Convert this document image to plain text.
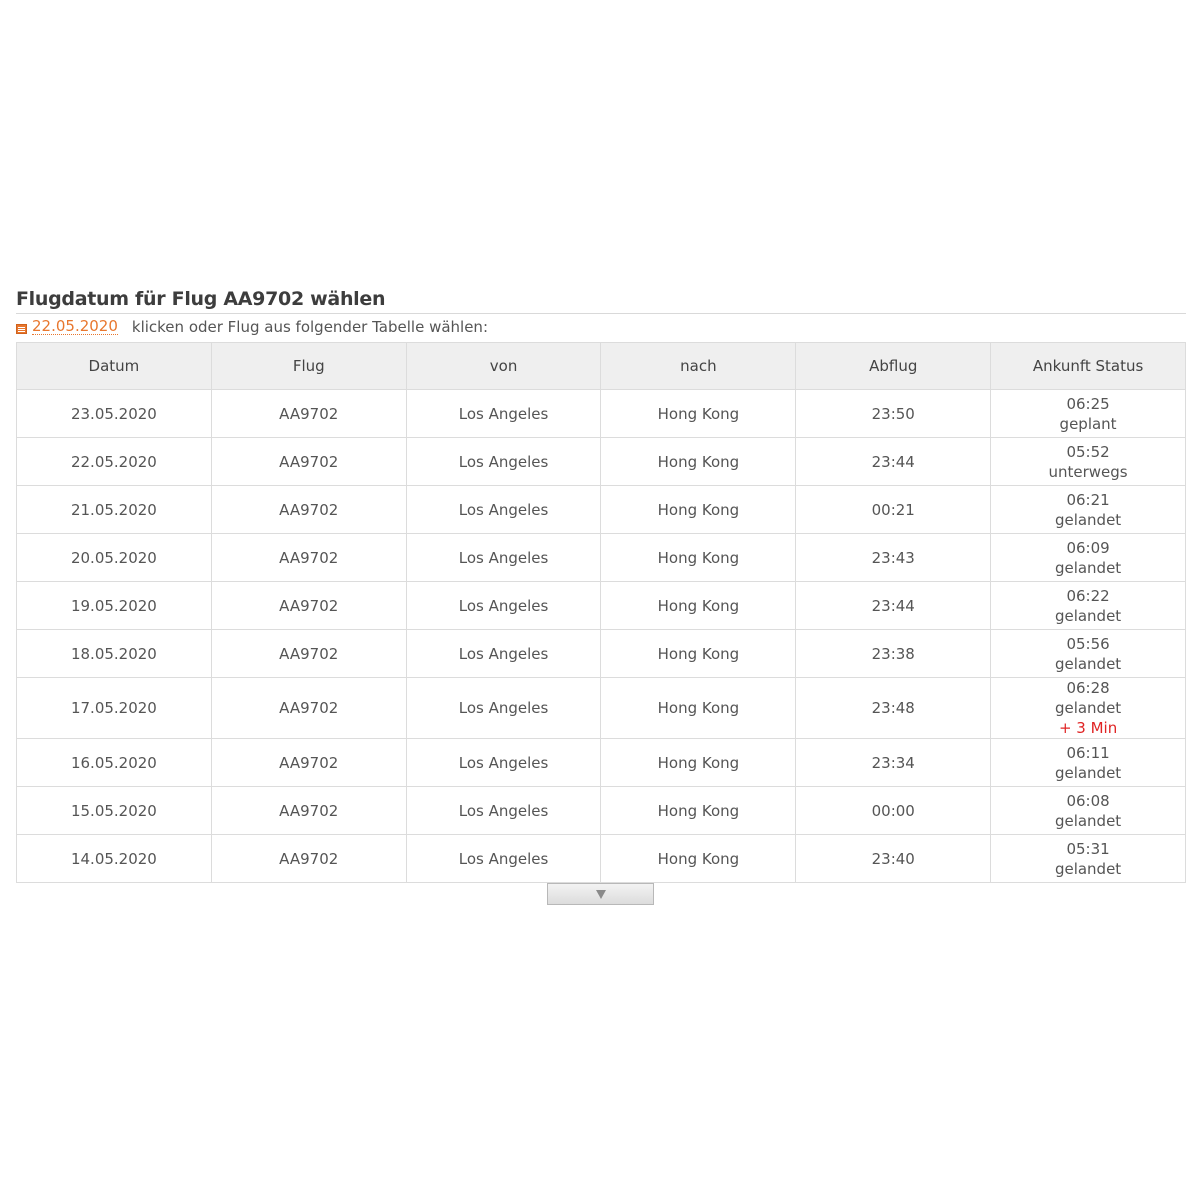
Flugdatum für Flug AA9702 wählen
22.05.2020 klicken oder Flug aus folgender Tabelle wählen:
Datum	Flug	von	nach	Abflug	Ankunft Status
23.05.2020	AA9702	Los Angeles	Hong Kong	23:50	06:25
geplant

22.05.2020	AA9702	Los Angeles	Hong Kong	23:44	05:52
unterwegs

21.05.2020	AA9702	Los Angeles	Hong Kong	00:21	06:21
gelandet

20.05.2020	AA9702	Los Angeles	Hong Kong	23:43	06:09
gelandet

19.05.2020	AA9702	Los Angeles	Hong Kong	23:44	06:22
gelandet

18.05.2020	AA9702	Los Angeles	Hong Kong	23:38	05:56
gelandet

17.05.2020	AA9702	Los Angeles	Hong Kong	23:48	06:28
gelandet
+ 3 Min

16.05.2020	AA9702	Los Angeles	Hong Kong	23:34	06:11
gelandet

15.05.2020	AA9702	Los Angeles	Hong Kong	00:00	06:08
gelandet

14.05.2020	AA9702	Los Angeles	Hong Kong	23:40	05:31
gelandet
